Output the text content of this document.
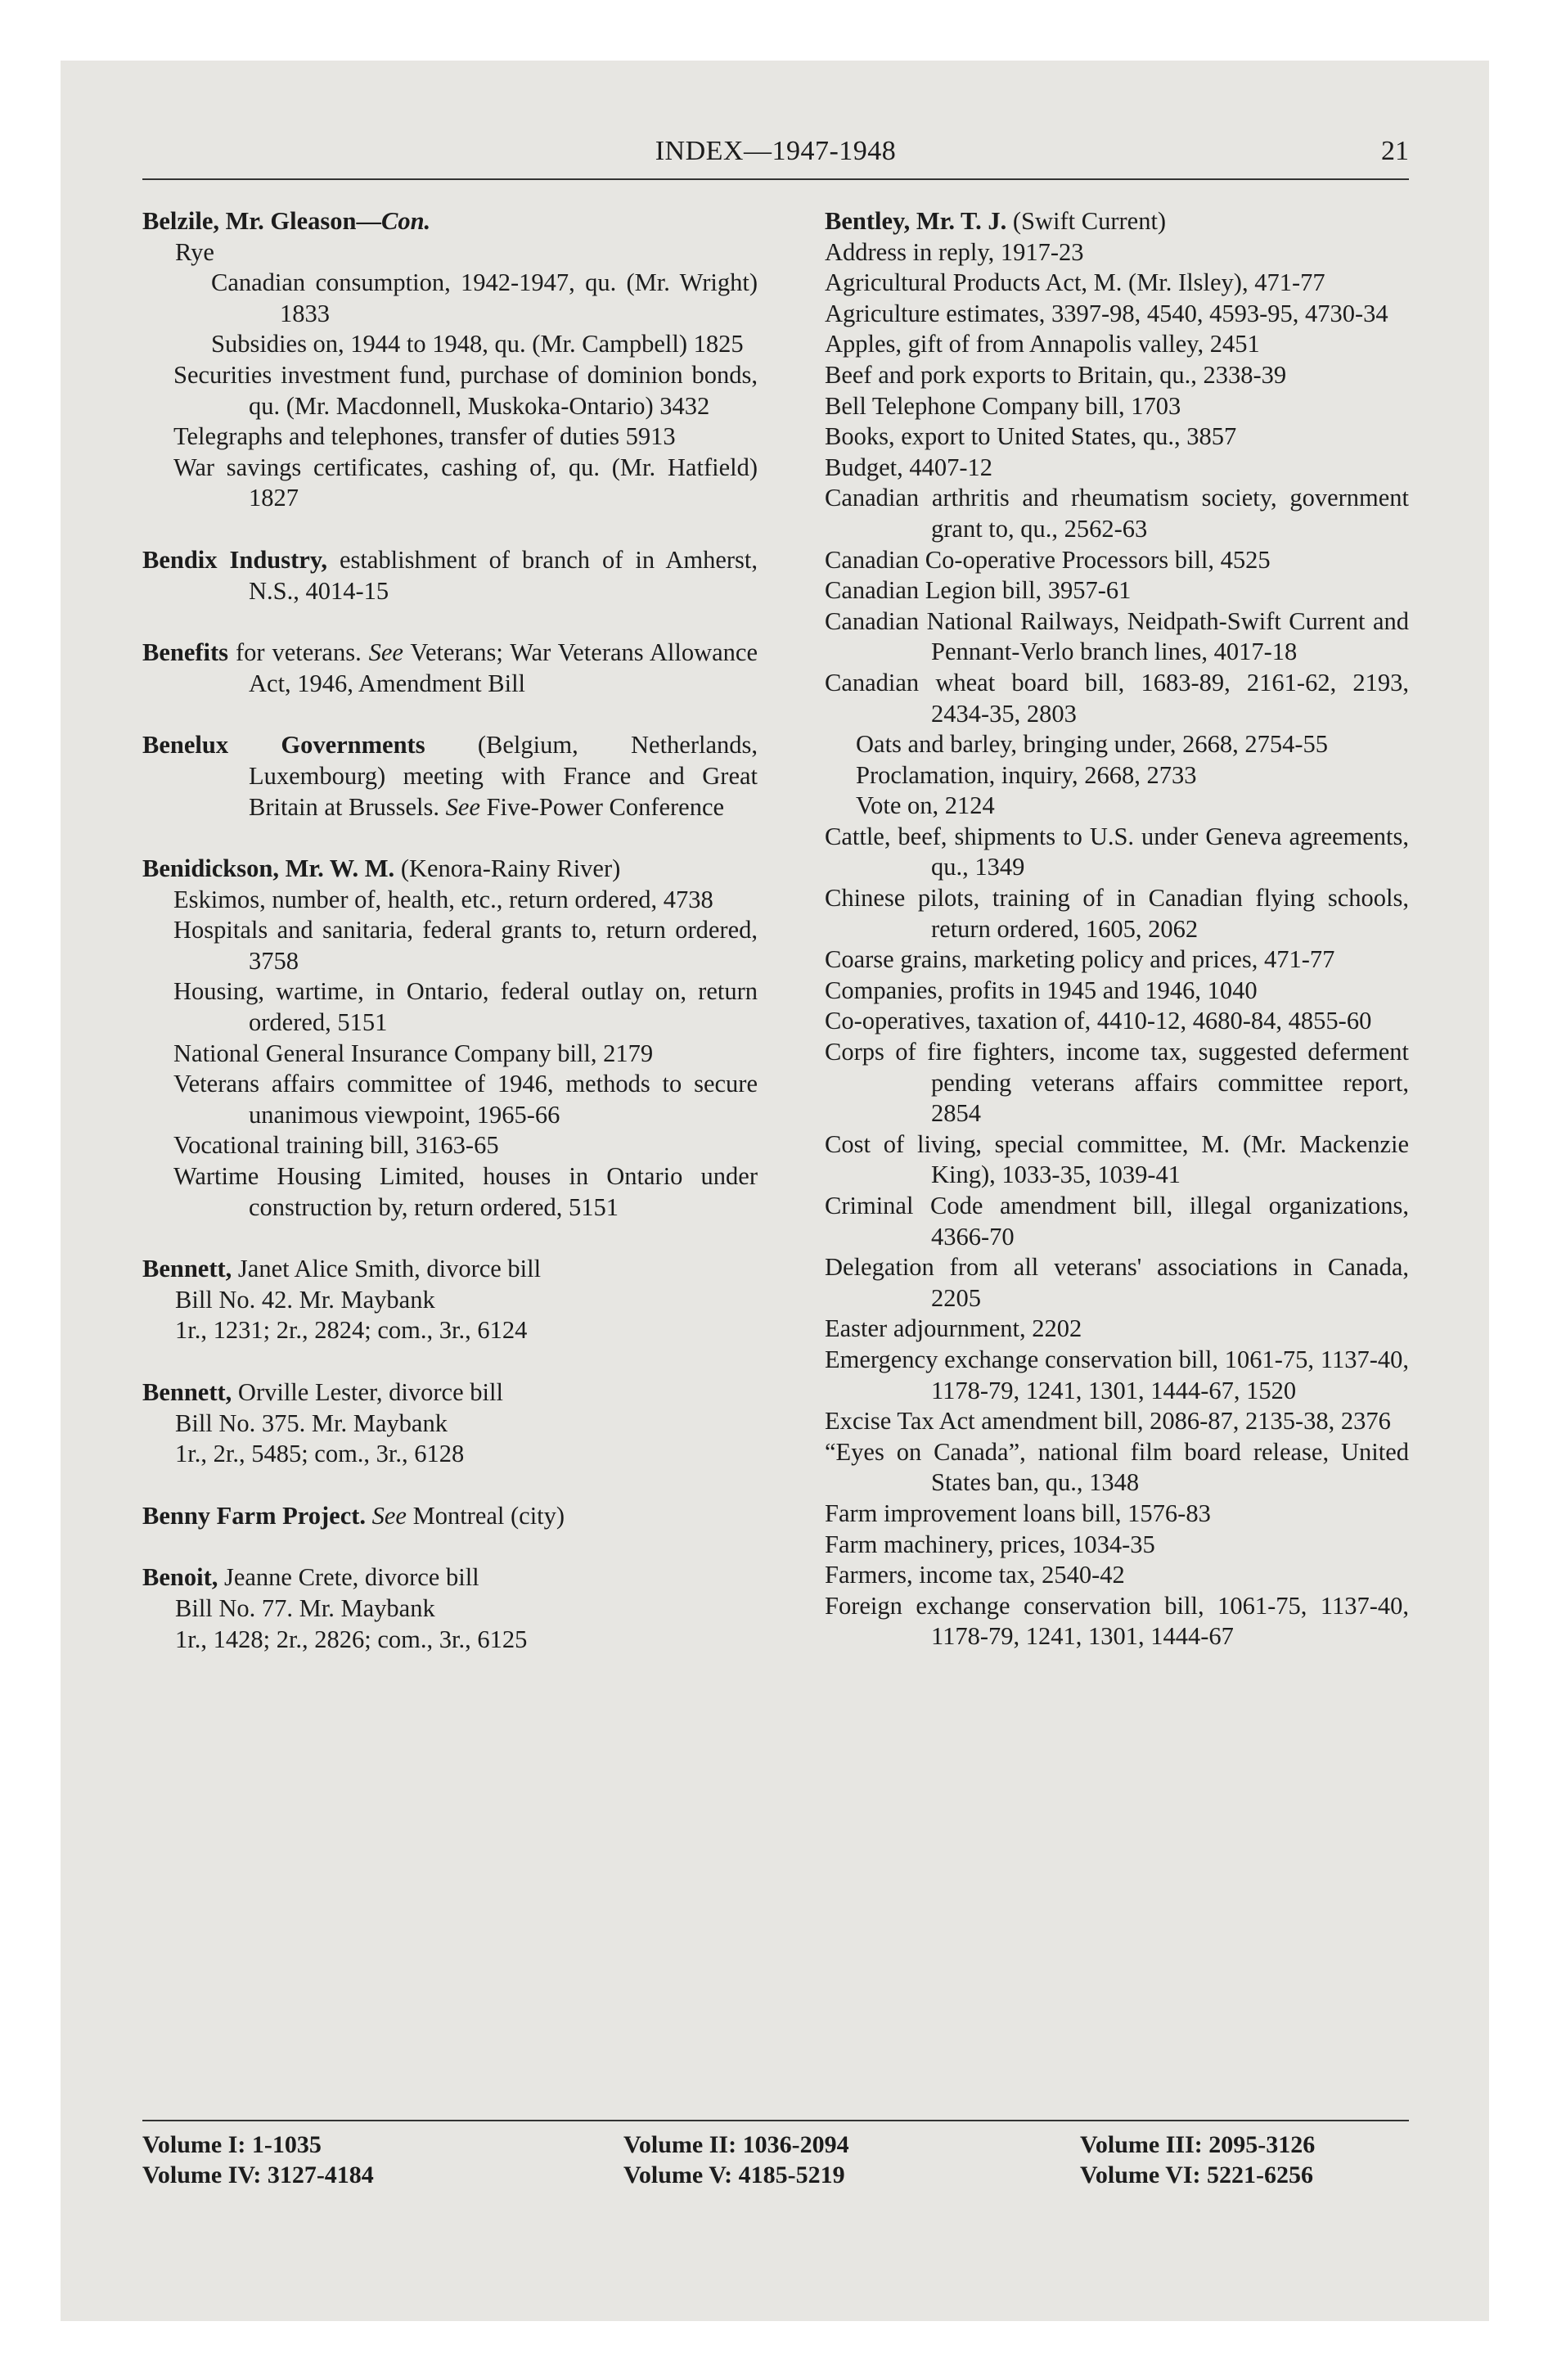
INDEX—1947-1948	21
Belzile, Mr. Gleason—Con.
Rye
Canadian consumption, 1942-1947, qu. (Mr. Wright) 1833
Subsidies on, 1944 to 1948, qu. (Mr. Campbell) 1825
Securities investment fund, purchase of dominion bonds, qu. (Mr. Macdonnell, Muskoka-Ontario) 3432
Telegraphs and telephones, transfer of duties 5913
War savings certificates, cashing of, qu. (Mr. Hatfield) 1827
Bendix Industry, establishment of branch of in Amherst, N.S., 4014-15
Benefits for veterans. See Veterans; War Veterans Allowance Act, 1946, Amendment Bill
Benelux Governments (Belgium, Netherlands, Luxembourg) meeting with France and Great Britain at Brussels. See Five-Power Conference
Benidickson, Mr. W. M. (Kenora-Rainy River)
Eskimos, number of, health, etc., return ordered, 4738
Hospitals and sanitaria, federal grants to, return ordered, 3758
Housing, wartime, in Ontario, federal outlay on, return ordered, 5151
National General Insurance Company bill, 2179
Veterans affairs committee of 1946, methods to secure unanimous viewpoint, 1965-66
Vocational training bill, 3163-65
Wartime Housing Limited, houses in Ontario under construction by, return ordered, 5151
Bennett, Janet Alice Smith, divorce bill
Bill No. 42. Mr. Maybank
1r., 1231; 2r., 2824; com., 3r., 6124
Bennett, Orville Lester, divorce bill
Bill No. 375. Mr. Maybank
1r., 2r., 5485; com., 3r., 6128
Benny Farm Project. See Montreal (city)
Benoit, Jeanne Crete, divorce bill
Bill No. 77. Mr. Maybank
1r., 1428; 2r., 2826; com., 3r., 6125
Bentley, Mr. T. J. (Swift Current)
Address in reply, 1917-23
Agricultural Products Act, M. (Mr. Ilsley), 471-77
Agriculture estimates, 3397-98, 4540, 4593-95, 4730-34
Apples, gift of from Annapolis valley, 2451
Beef and pork exports to Britain, qu., 2338-39
Bell Telephone Company bill, 1703
Books, export to United States, qu., 3857
Budget, 4407-12
Canadian arthritis and rheumatism society, government grant to, qu., 2562-63
Canadian Co-operative Processors bill, 4525
Canadian Legion bill, 3957-61
Canadian National Railways, Neidpath-Swift Current and Pennant-Verlo branch lines, 4017-18
Canadian wheat board bill, 1683-89, 2161-62, 2193, 2434-35, 2803
Oats and barley, bringing under, 2668, 2754-55
Proclamation, inquiry, 2668, 2733
Vote on, 2124
Cattle, beef, shipments to U.S. under Geneva agreements, qu., 1349
Chinese pilots, training of in Canadian flying schools, return ordered, 1605, 2062
Coarse grains, marketing policy and prices, 471-77
Companies, profits in 1945 and 1946, 1040
Co-operatives, taxation of, 4410-12, 4680-84, 4855-60
Corps of fire fighters, income tax, suggested deferment pending veterans affairs committee report, 2854
Cost of living, special committee, M. (Mr. Mackenzie King), 1033-35, 1039-41
Criminal Code amendment bill, illegal organizations, 4366-70
Delegation from all veterans' associations in Canada, 2205
Easter adjournment, 2202
Emergency exchange conservation bill, 1061-75, 1137-40, 1178-79, 1241, 1301, 1444-67, 1520
Excise Tax Act amendment bill, 2086-87, 2135-38, 2376
“Eyes on Canada”, national film board release, United States ban, qu., 1348
Farm improvement loans bill, 1576-83
Farm machinery, prices, 1034-35
Farmers, income tax, 2540-42
Foreign exchange conservation bill, 1061-75, 1137-40, 1178-79, 1241, 1301, 1444-67
Volume I: 1-1035
Volume IV: 3127-4184
Volume II: 1036-2094
Volume V: 4185-5219
Volume III: 2095-3126
Volume VI: 5221-6256
